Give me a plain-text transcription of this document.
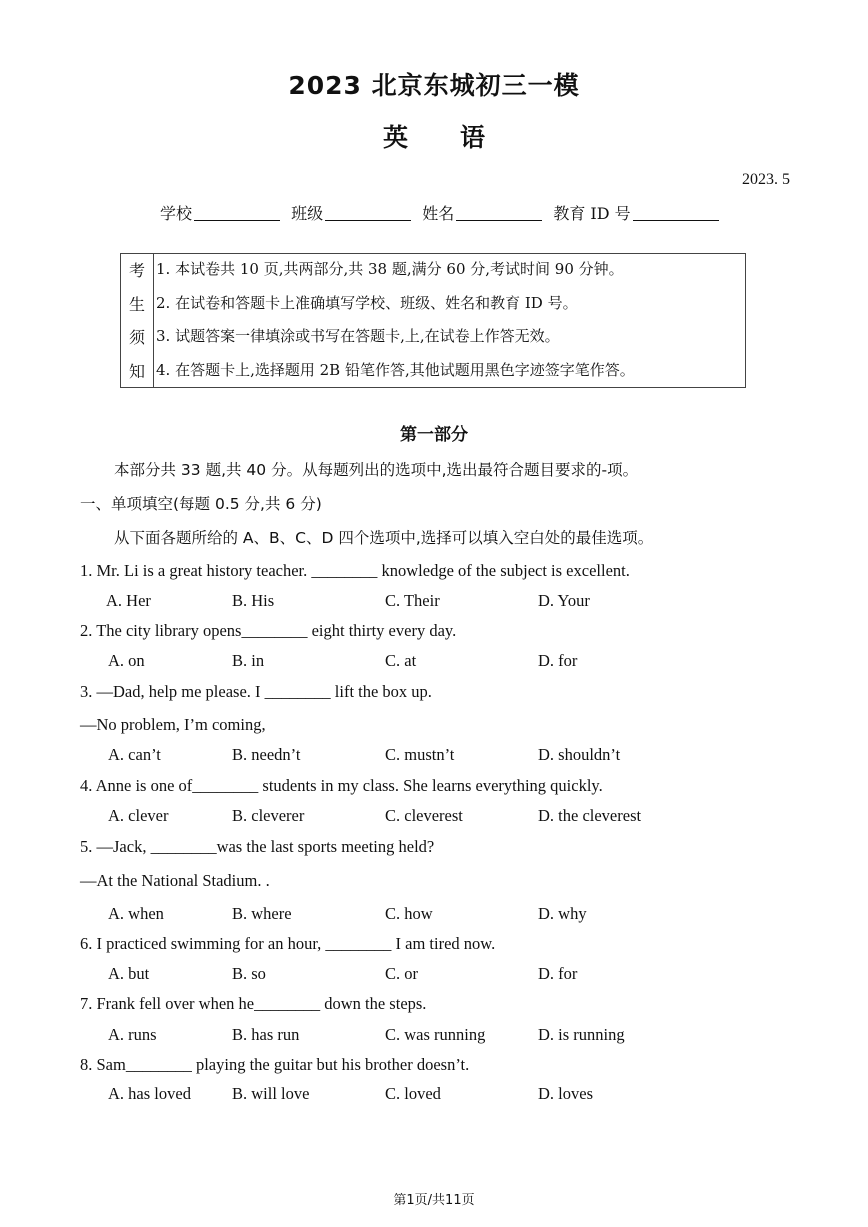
2023 北京东城初三一模
英语
2023. 5
学校	班级	姓名	教育 ID 号
考
生
须
知
1. 本试卷共 10 页,共两部分,共 38 题,满分 60 分,考试时间 90 分钟。
2. 在试卷和答题卡上准确填写学校、班级、姓名和教育 ID 号。
3. 试题答案一律填涂或书写在答题卡,上,在试卷上作答无效。
4. 在答题卡上,选择题用 2B 铅笔作答,其他试题用黑色字迹签字笔作答。
第一部分
本部分共 33 题,共 40 分。从每题列出的选项中,选出最符合题目要求的-项。
一、单项填空(每题 0.5 分,共 6 分)
从下面各题所给的 A、B、C、D 四个选项中,选择可以填入空白处的最佳选项。
1. Mr. Li is a great history teacher. ________ knowledge of the subject is excellent.
A. Her	B. His	C. Their	D. Your
2. The city library opens________ eight thirty every day.
A. on	B. in	C. at	D. for
3. —Dad, help me please. I ________ lift the box up.
—No problem, I’m coming,
A. can’t	B. needn’t	C. mustn’t	D. shouldn’t
4. Anne is one of________ students in my class. She learns everything quickly.
A. clever	B. cleverer	C. cleverest	D. the cleverest
5. —Jack, ________was the last sports meeting held?
—At the National Stadium. .
A. when	B. where	C. how	D. why
6. I practiced swimming for an hour, ________ I am tired now.
A. but	B. so	C. or	D. for
7. Frank fell over when he________ down the steps.
A. runs	B. has run	C. was running	D. is running
8. Sam________ playing the guitar but his brother doesn’t.
A. has loved B. will love	C. loved	D. loves
第1页/共11页
